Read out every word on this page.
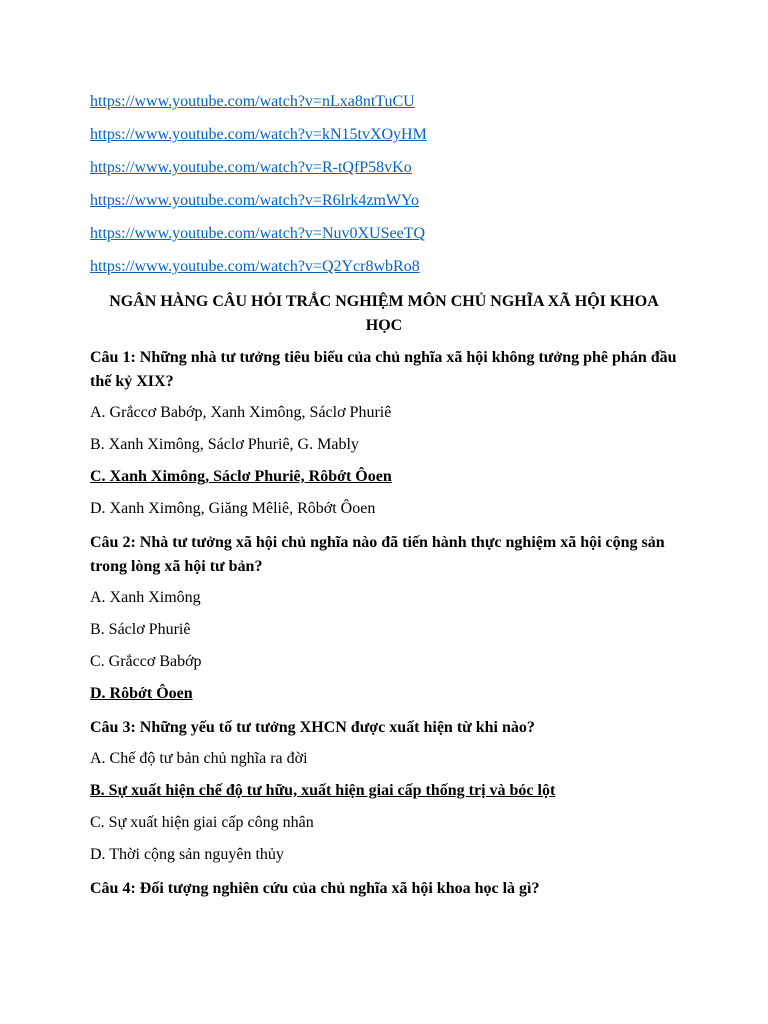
https://www.youtube.com/watch?v=nLxa8ntTuCU
https://www.youtube.com/watch?v=kN15tvXOyHM
https://www.youtube.com/watch?v=R-tQfP58vKo
https://www.youtube.com/watch?v=R6lrk4zmWYo
https://www.youtube.com/watch?v=Nuv0XUSeeTQ
https://www.youtube.com/watch?v=Q2Ycr8wbRo8
NGÂN HÀNG CÂU HỎI TRẮC NGHIỆM MÔN CHỦ NGHĨA XÃ HỘI KHOA HỌC
Câu 1: Những nhà tư tưởng tiêu biểu của chủ nghĩa xã hội không tưởng phê phán đầu thế kỷ XIX?
A. Grắccơ Babớp, Xanh Ximông, Sáclơ Phuriê
B. Xanh Ximông, Sáclơ Phuriê, G. Mably
C. Xanh Ximông, Sáclơ Phuriê, Rôbớt Ôoen
D. Xanh Ximông, Giăng Mêliê, Rôbớt Ôoen
Câu 2: Nhà tư tưởng xã hội chủ nghĩa nào đã tiến hành thực nghiệm xã hội cộng sản trong lòng xã hội tư bản?
A. Xanh Ximông
B. Sáclơ Phuriê
C. Grắccơ Babớp
D. Rôbớt Ôoen
Câu 3: Những yếu tố tư tưởng XHCN được xuất hiện từ khi nào?
A. Chế độ tư bản chủ nghĩa ra đời
B. Sự xuất hiện chế độ tư hữu, xuất hiện giai cấp thống trị và bóc lột
C. Sự xuất hiện giai cấp công nhân
D. Thời cộng sản nguyên thủy
Câu 4: Đối tượng nghiên cứu của chủ nghĩa xã hội khoa học là gì?
